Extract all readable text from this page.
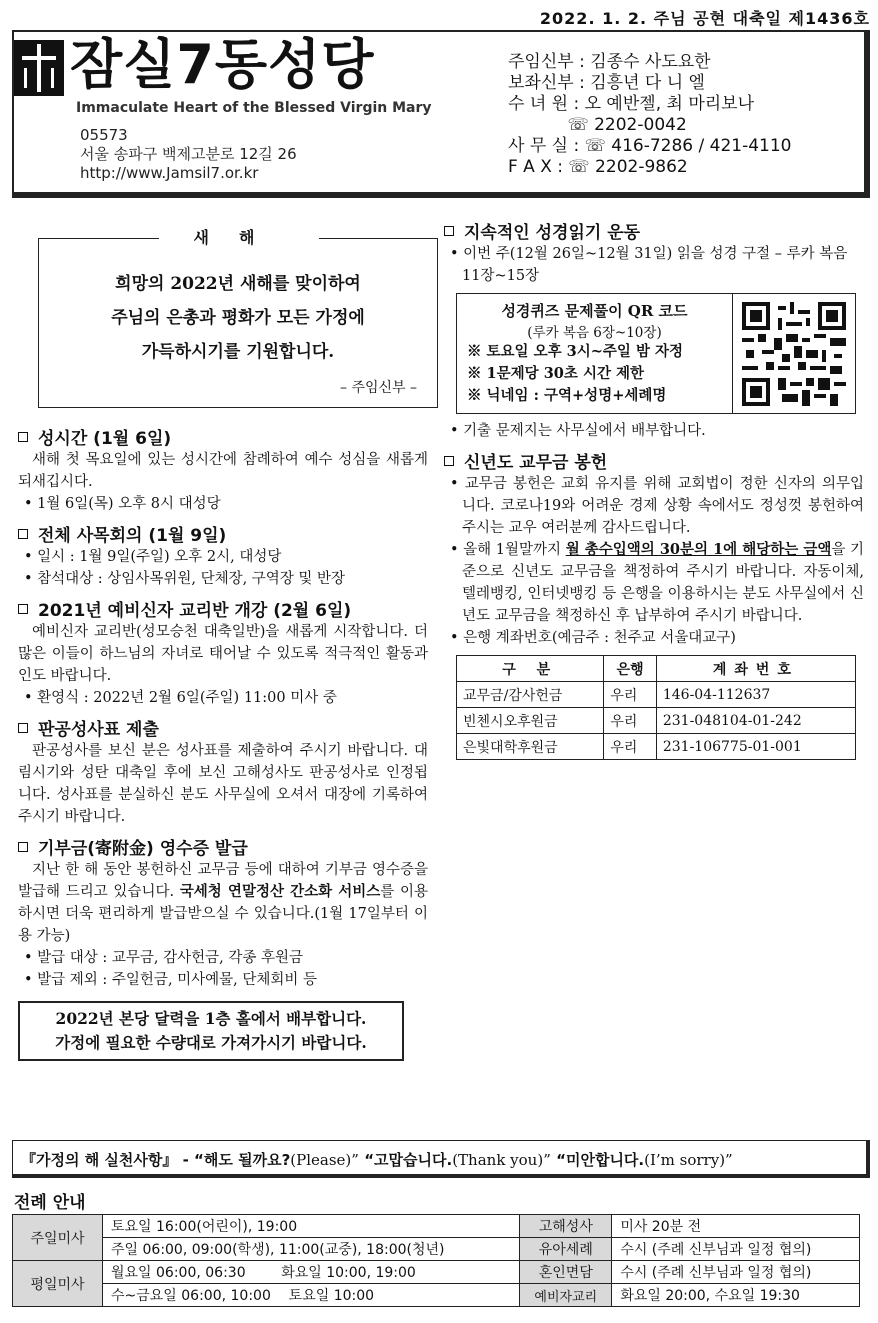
2022. 1. 2. 주님 공현 대축일 제1436호
잠실7동성당
Immaculate Heart of the Blessed Virgin Mary
05573
서울 송파구 백제고분로 12길 26
http://www.Jamsil7.or.kr
주임신부 : 김종수 사도요한
보좌신부 : 김흥년 다 니 엘
수 녀 원 : 오 예반젤, 최 마리보나
☏ 2202-0042
사 무 실 : ☏ 416-7286 / 421-4110
F A X : ☏ 2202-9862
새해
희망의 2022년 새해를 맞이하여
주님의 은총과 평화가 모든 가정에
가득하시기를 기원합니다.
– 주임신부 –
성시간 (1월 6일)
새해 첫 목요일에 있는 성시간에 참례하여 예수 성심을 새롭게 되새깁시다.
• 1월 6일(목) 오후 8시 대성당
전체 사목회의 (1월 9일)
• 일시 : 1월 9일(주일) 오후 2시, 대성당
• 참석대상 : 상임사목위원, 단체장, 구역장 및 반장
2021년 예비신자 교리반 개강 (2월 6일)
예비신자 교리반(성모승천 대축일반)을 새롭게 시작합니다. 더 많은 이들이 하느님의 자녀로 태어날 수 있도록 적극적인 활동과 인도 바랍니다.
• 환영식 : 2022년 2월 6일(주일) 11:00 미사 중
판공성사표 제출
판공성사를 보신 분은 성사표를 제출하여 주시기 바랍니다. 대림시기와 성탄 대축일 후에 보신 고해성사도 판공성사로 인정됩니다. 성사표를 분실하신 분도 사무실에 오셔서 대장에 기록하여 주시기 바랍니다.
기부금(寄附金) 영수증 발급
지난 한 해 동안 봉헌하신 교무금 등에 대하여 기부금 영수증을 발급해 드리고 있습니다. 국세청 연말정산 간소화 서비스를 이용하시면 더욱 편리하게 발급받으실 수 있습니다.(1월 17일부터 이용 가능)
• 발급 대상 : 교무금, 감사헌금, 각종 후원금
• 발급 제외 : 주일헌금, 미사예물, 단체회비 등
2022년 본당 달력을 1층 홀에서 배부합니다.
가정에 필요한 수량대로 가져가시기 바랍니다.
지속적인 성경읽기 운동
• 이번 주(12월 26일~12월 31일) 읽을 성경 구절 – 루카 복음 11장~15장
성경퀴즈 문제풀이 QR 코드
(루카 복음 6장~10장)
※ 토요일 오후 3시~주일 밤 자정
※ 1문제당 30초 시간 제한
※ 닉네임 : 구역+성명+세례명
• 기출 문제지는 사무실에서 배부합니다.
신년도 교무금 봉헌
• 교무금 봉헌은 교회 유지를 위해 교회법이 정한 신자의 의무입니다. 코로나19와 어려운 경제 상황 속에서도 정성껏 봉헌하여 주시는 교우 여러분께 감사드립니다.
• 올해 1월말까지 월 총수입액의 30분의 1에 해당하는 금액을 기준으로 신년도 교무금을 책정하여 주시기 바랍니다. 자동이체, 텔레뱅킹, 인터넷뱅킹 등 은행을 이용하시는 분도 사무실에서 신년도 교무금을 책정하신 후 납부하여 주시기 바랍니다.
• 은행 계좌번호(예금주 : 천주교 서울대교구)
구 분	은행	계좌번호
교무금/감사헌금	우리	146-04-112637
빈첸시오후원금	우리	231-048104-01-242
은빛대학후원금	우리	231-106775-01-001
『가정의 해 실천사항』 - “해도 될까요?(Please)” “고맙습니다.(Thank you)” “미안합니다.(I’m sorry)”
전례 안내
주일미사	토요일 16:00(어린이), 19:00	고해성사	미사 20분 전
	주일 06:00, 09:00(학생), 11:00(교중), 18:00(청년)	유아세례	수시 (주례 신부님과 일정 협의)
평일미사	월요일 06:00, 06:30        화요일 10:00, 19:00	혼인면담	수시 (주례 신부님과 일정 협의)
	수~금요일 06:00, 10:00    토요일 10:00	예비자교리	화요일 20:00, 수요일 19:30
